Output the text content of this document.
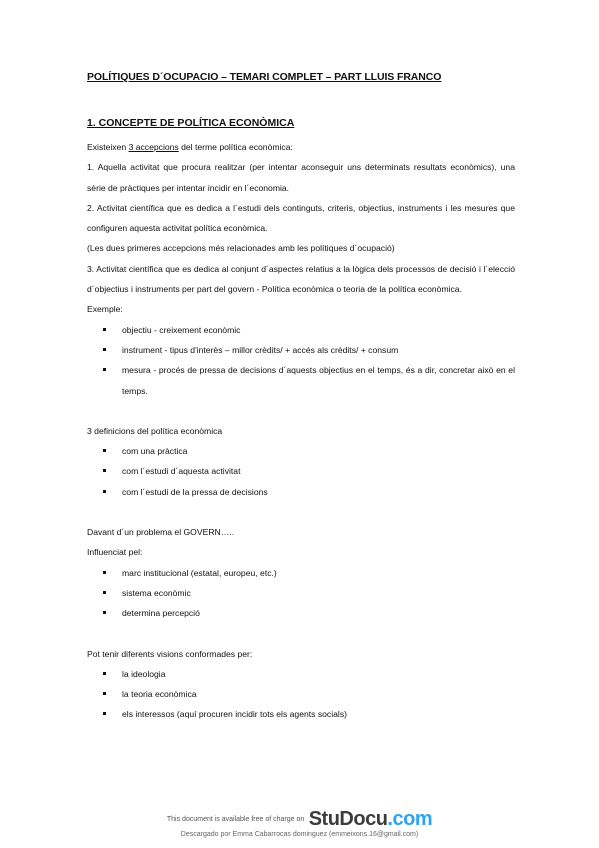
POLÍTIQUES D´OCUPACIO – TEMARI COMPLET – PART LLUIS FRANCO
1. CONCEPTE DE POLÍTICA ECONÒMICA

Existeixen 3 accepcions del terme política econòmica:

1. Aquella activitat que procura realitzar (per intentar aconseguir uns determinats resultats econòmics), una sèrie de pràctiques per intentar incidir en l´economia.

2. Activitat científica que es dedica a l´estudi dels continguts, criteris, objectius, instruments i les mesures que configuren aquesta activitat política econòmica.

(Les dues primeres accepcions més relacionades amb les polítiques d´ocupació)

3. Activitat científica que es dedica al conjunt d´aspectes relatius a la lògica dels processos de decisió i l´elecció d´objectius i instruments per part del govern - Política econòmica o teoria de la política econòmica.

Exemple:

objectiu - creixement econòmic
instrument - tipus d'interès – millor crèdits/ + accés als crèdits/ + consum
mesura - procés de pressa de decisions d´aquests objectius en el temps, és a dir, concretar això en el temps.

3 definicions del política econòmica

com una pràctica
com l´estudi d´aquesta activitat
com l´estudi de la pressa de decisions

Davant d´un problema el GOVERN…..

Influenciat pel:

marc institucional (estatal, europeu, etc.)
sistema econòmic
determina percepció

Pot tenir diferents visions conformades per:

la ideologia
la teoria econòmica
els interessos (aquí procuren incidir tots els agents socials)
This document is available free of charge on StuDocu.com
Descargado por Emma Cabarrocas dominguez (emmeixons.16@gmail.com)
